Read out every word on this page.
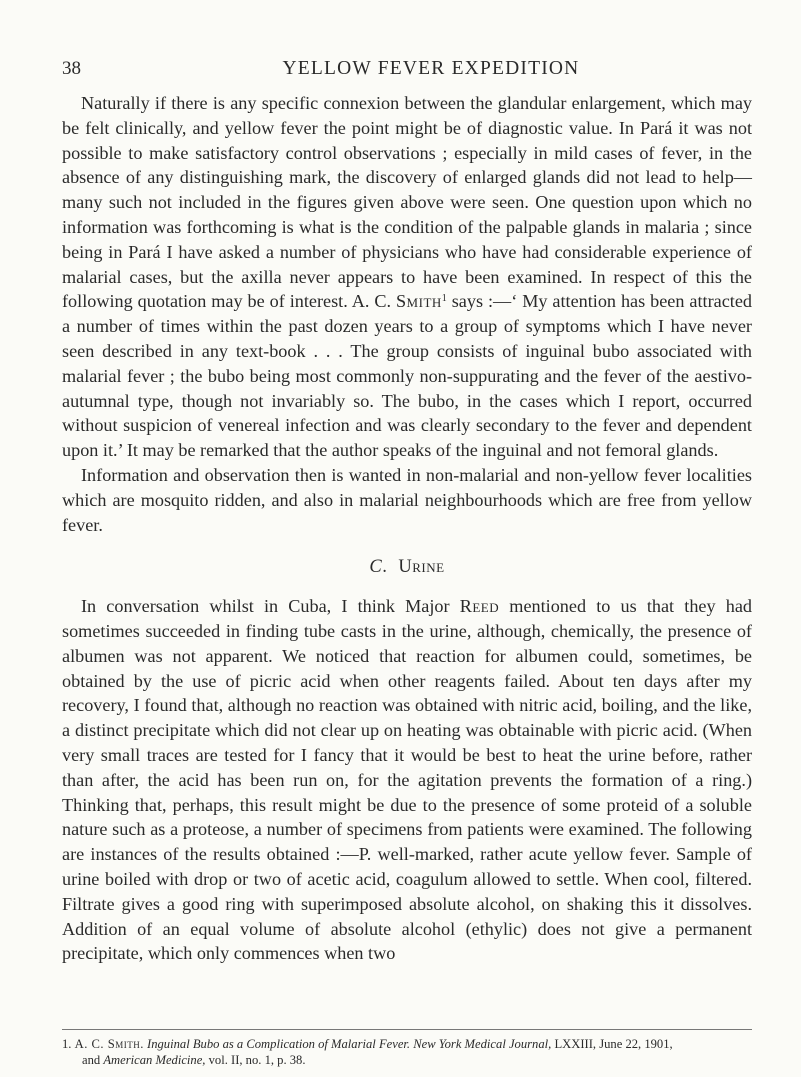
38	YELLOW FEVER EXPEDITION

Naturally if there is any specific connexion between the glandular enlargement, which may be felt clinically, and yellow fever the point might be of diagnostic value. In Pará it was not possible to make satisfactory control observations ; especially in mild cases of fever, in the absence of any distinguishing mark, the discovery of enlarged glands did not lead to help—many such not included in the figures given above were seen. One question upon which no information was forthcoming is what is the condition of the palpable glands in malaria ; since being in Pará I have asked a number of physicians who have had considerable experience of malarial cases, but the axilla never appears to have been examined. In respect of this the following quotation may be of interest. A. C. Smith$^1$ says :—‘ My attention has been attracted a number of times within the past dozen years to a group of symptoms which I have never seen described in any text-book . . . The group consists of inguinal bubo associated with malarial fever ; the bubo being most commonly non-suppurating and the fever of the aestivo-autumnal type, though not invariably so. The bubo, in the cases which I report, occurred without suspicion of venereal infection and was clearly secondary to the fever and dependent upon it.’ It may be remarked that the author speaks of the inguinal and not femoral glands.

Information and observation then is wanted in non-malarial and non-yellow fever localities which are mosquito ridden, and also in malarial neighbourhoods which are free from yellow fever.

C. Urine

In conversation whilst in Cuba, I think Major Reed mentioned to us that they had sometimes succeeded in finding tube casts in the urine, although, chemically, the presence of albumen was not apparent. We noticed that reaction for albumen could, sometimes, be obtained by the use of picric acid when other reagents failed. About ten days after my recovery, I found that, although no reaction was obtained with nitric acid, boiling, and the like, a distinct precipitate which did not clear up on heating was obtainable with picric acid. (When very small traces are tested for I fancy that it would be best to heat the urine before, rather than after, the acid has been run on, for the agitation prevents the formation of a ring.) Thinking that, perhaps, this result might be due to the presence of some proteid of a soluble nature such as a proteose, a number of specimens from patients were examined. The following are instances of the results obtained :—P. well-marked, rather acute yellow fever. Sample of urine boiled with drop or two of acetic acid, coagulum allowed to settle. When cool, filtered. Filtrate gives a good ring with superimposed absolute alcohol, on shaking this it dissolves. Addition of an equal volume of absolute alcohol (ethylic) does not give a permanent precipitate, which only commences when two

1. A. C. Smith. Inguinal Bubo as a Complication of Malarial Fever. New York Medical Journal, LXXIII, June 22, 1901,
and American Medicine, vol. II, no. 1, p. 38.
